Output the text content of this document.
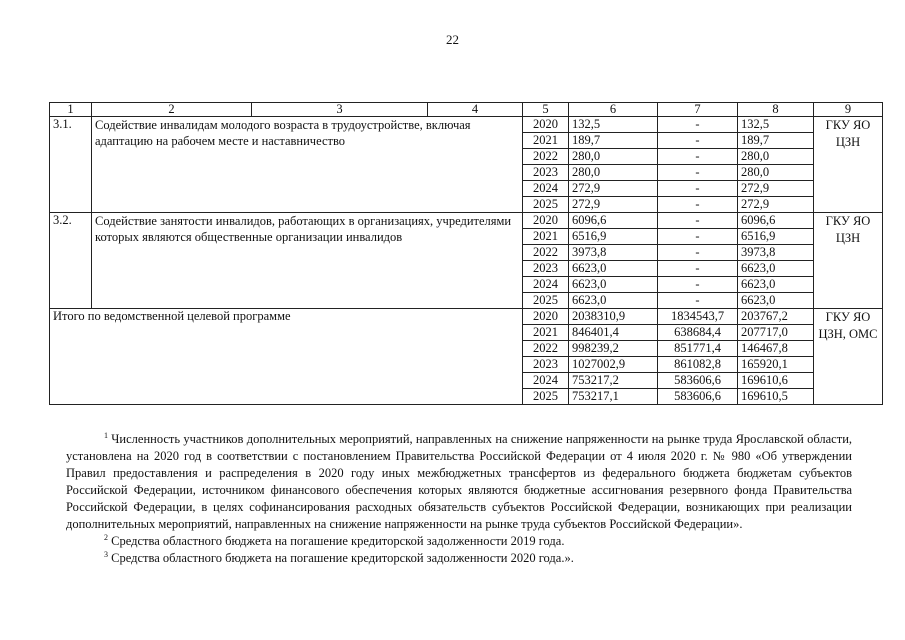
22
1	2	3	4	5	6	7	8	9
3.1.	Содействие инвалидам молодого возраста в трудоустройстве, включая адаптацию на рабочем месте и наставничество			2020	132,5	-	132,5	ГКУ ЯО ЦЗН
				2021	189,7	-	189,7	
				2022	280,0	-	280,0	
				2023	280,0	-	280,0	
				2024	272,9	-	272,9	
				2025	272,9	-	272,9	
3.2.	Содействие занятости инвалидов, работающих в организациях, учредителями которых являются общественные организации инвалидов			2020	6096,6	-	6096,6	ГКУ ЯО ЦЗН
				2021	6516,9	-	6516,9	
				2022	3973,8	-	3973,8	
				2023	6623,0	-	6623,0	
				2024	6623,0	-	6623,0	
				2025	6623,0	-	6623,0	
Итого по ведомственной целевой программе				2020	2038310,9	1834543,7	203767,2	ГКУ ЯО ЦЗН, ОМС
				2021	846401,4	638684,4	207717,0	
				2022	998239,2	851771,4	146467,8	
				2023	1027002,9	861082,8	165920,1	
				2024	753217,2	583606,6	169610,6	
				2025	753217,1	583606,6	169610,5	

$^1$ Численность участников дополнительных мероприятий, направленных на снижение напряженности на рынке труда Ярославской области, установлена на 2020 год в соответствии с постановлением Правительства Российской Федерации от 4 июля 2020 г. № 980 «Об утверждении Правил предоставления и распределения в 2020 году иных межбюджетных трансфертов из федерального бюджета бюджетам субъектов Российской Федерации, источником финансового обеспечения которых являются бюджетные ассигнования резервного фонда Правительства Российской Федерации, в целях софинансирования расходных обязательств субъектов Российской Федерации, возникающих при реализации дополнительных мероприятий, направленных на снижение напряженности на рынке труда субъектов Российской Федерации».

$^2$ Средства областного бюджета на погашение кредиторской задолженности 2019 года.

$^3$ Средства областного бюджета на погашение кредиторской задолженности 2020 года.».
